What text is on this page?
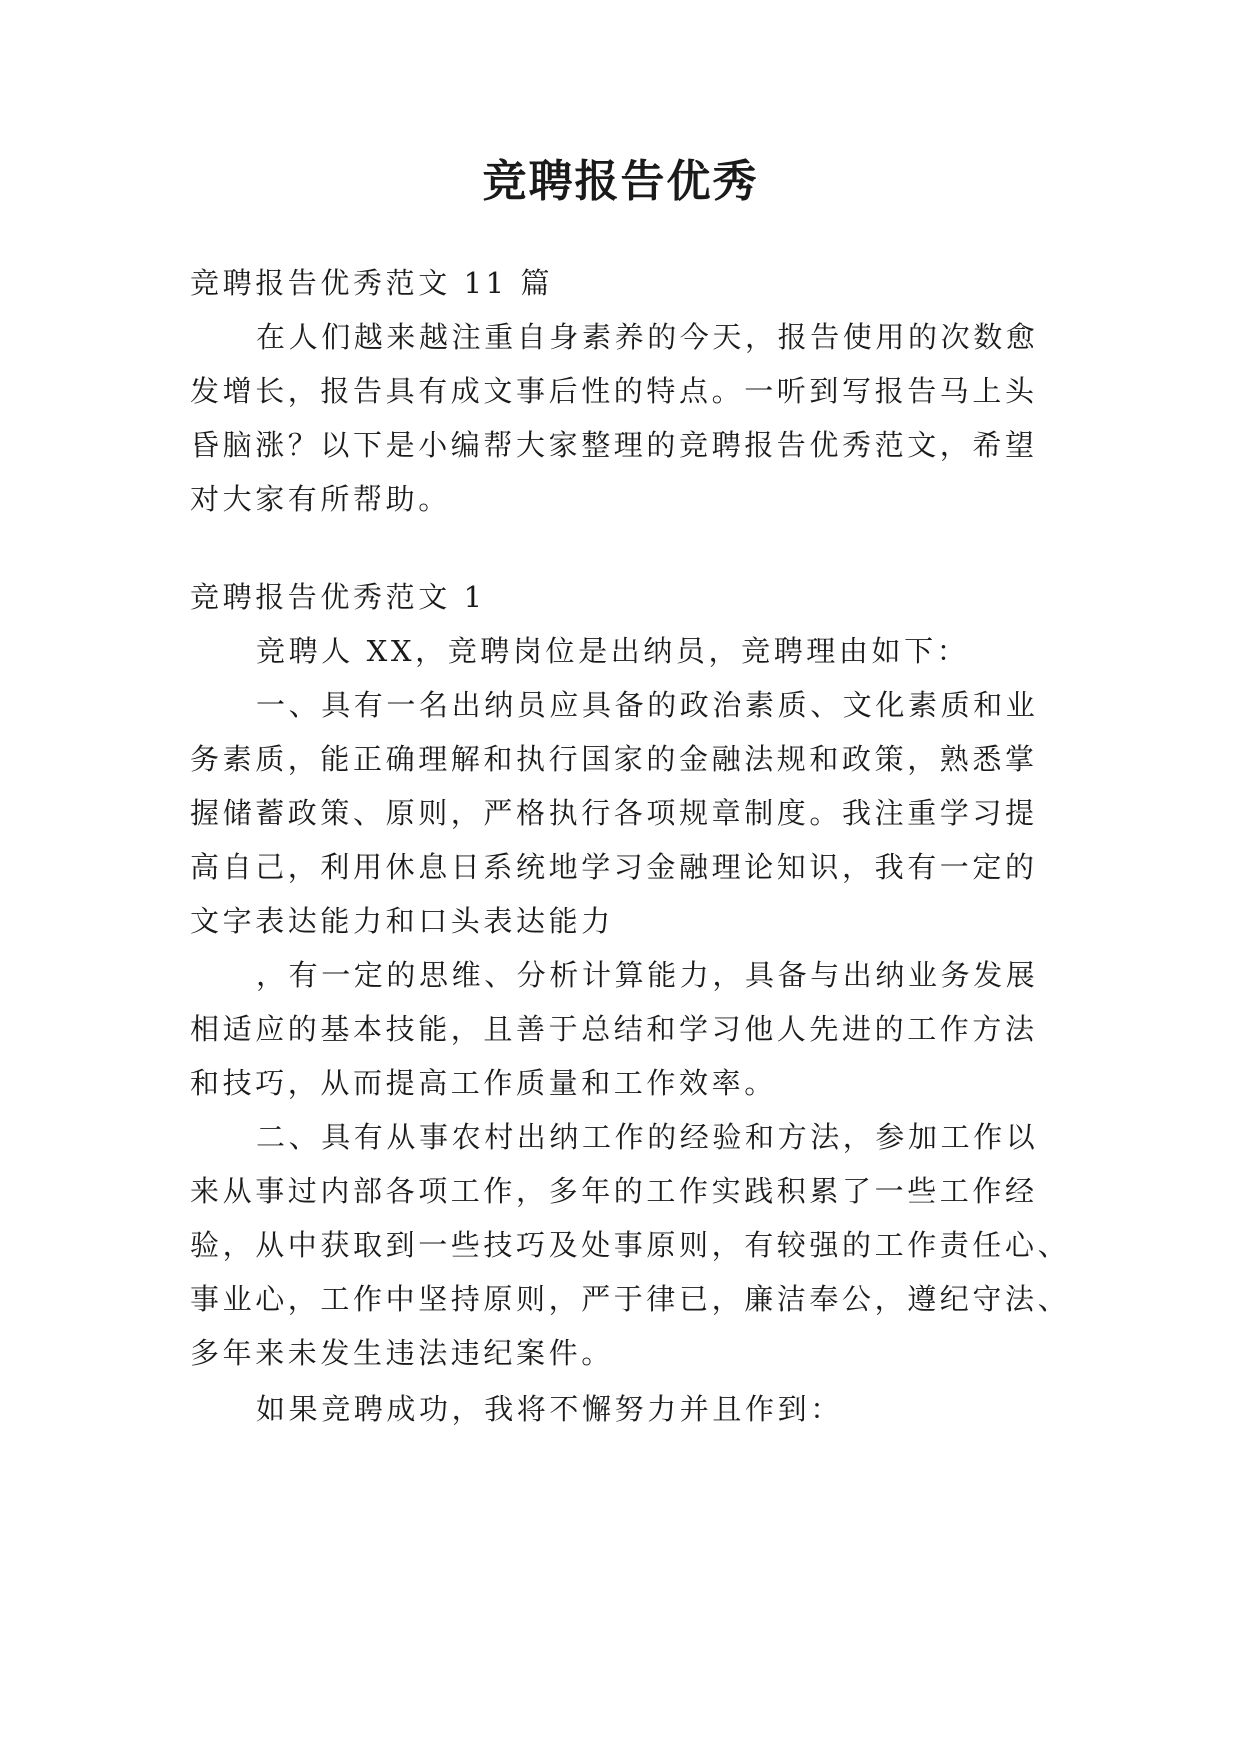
竞聘报告优秀

竞聘报告优秀范文 11 篇

在人们越来越注重自身素养的今天，报告使用的次数愈

发增长，报告具有成文事后性的特点。一听到写报告马上头

昏脑涨？以下是小编帮大家整理的竞聘报告优秀范文，希望

对大家有所帮助。

竞聘报告优秀范文 1

竞聘人 XX，竞聘岗位是出纳员，竞聘理由如下：

一、具有一名出纳员应具备的政治素质、文化素质和业

务素质，能正确理解和执行国家的金融法规和政策，熟悉掌

握储蓄政策、原则，严格执行各项规章制度。我注重学习提

高自己，利用休息日系统地学习金融理论知识，我有一定的

文字表达能力和口头表达能力

，有一定的思维、分析计算能力，具备与出纳业务发展

相适应的基本技能，且善于总结和学习他人先进的工作方法

和技巧，从而提高工作质量和工作效率。

二、具有从事农村出纳工作的经验和方法，参加工作以

来从事过内部各项工作，多年的工作实践积累了一些工作经

验，从中获取到一些技巧及处事原则，有较强的工作责任心、

事业心，工作中坚持原则，严于律已，廉洁奉公，遵纪守法、

多年来未发生违法违纪案件。

如果竞聘成功，我将不懈努力并且作到：
